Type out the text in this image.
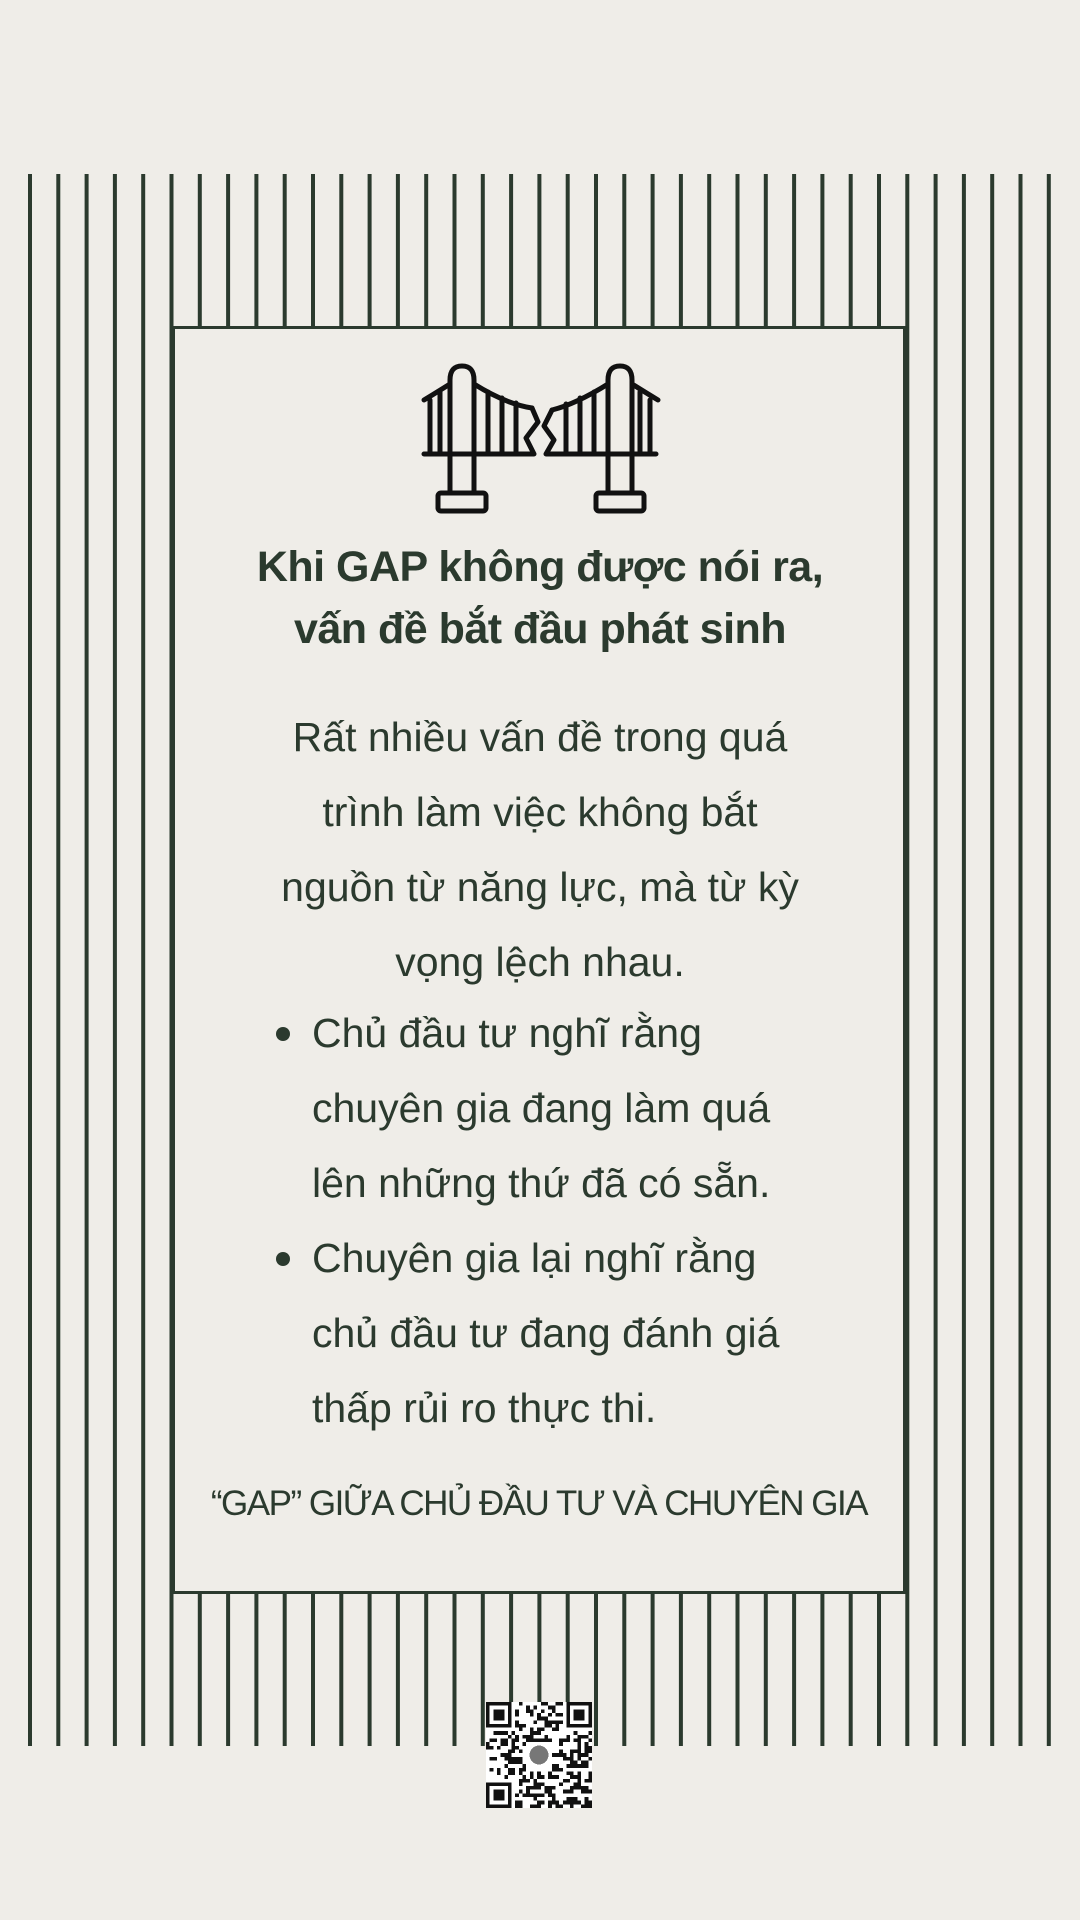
Khi GAP không được nói ra,
vấn đề bắt đầu phát sinh

Rất nhiều vấn đề trong quá
trình làm việc không bắt
nguồn từ năng lực, mà từ kỳ
vọng lệch nhau.

Chủ đầu tư nghĩ rằng
chuyên gia đang làm quá
lên những thứ đã có sẵn.
Chuyên gia lại nghĩ rằng
chủ đầu tư đang đánh giá
thấp rủi ro thực thi.

“GAP” GIỮA CHỦ ĐẦU TƯ VÀ CHUYÊN GIA
